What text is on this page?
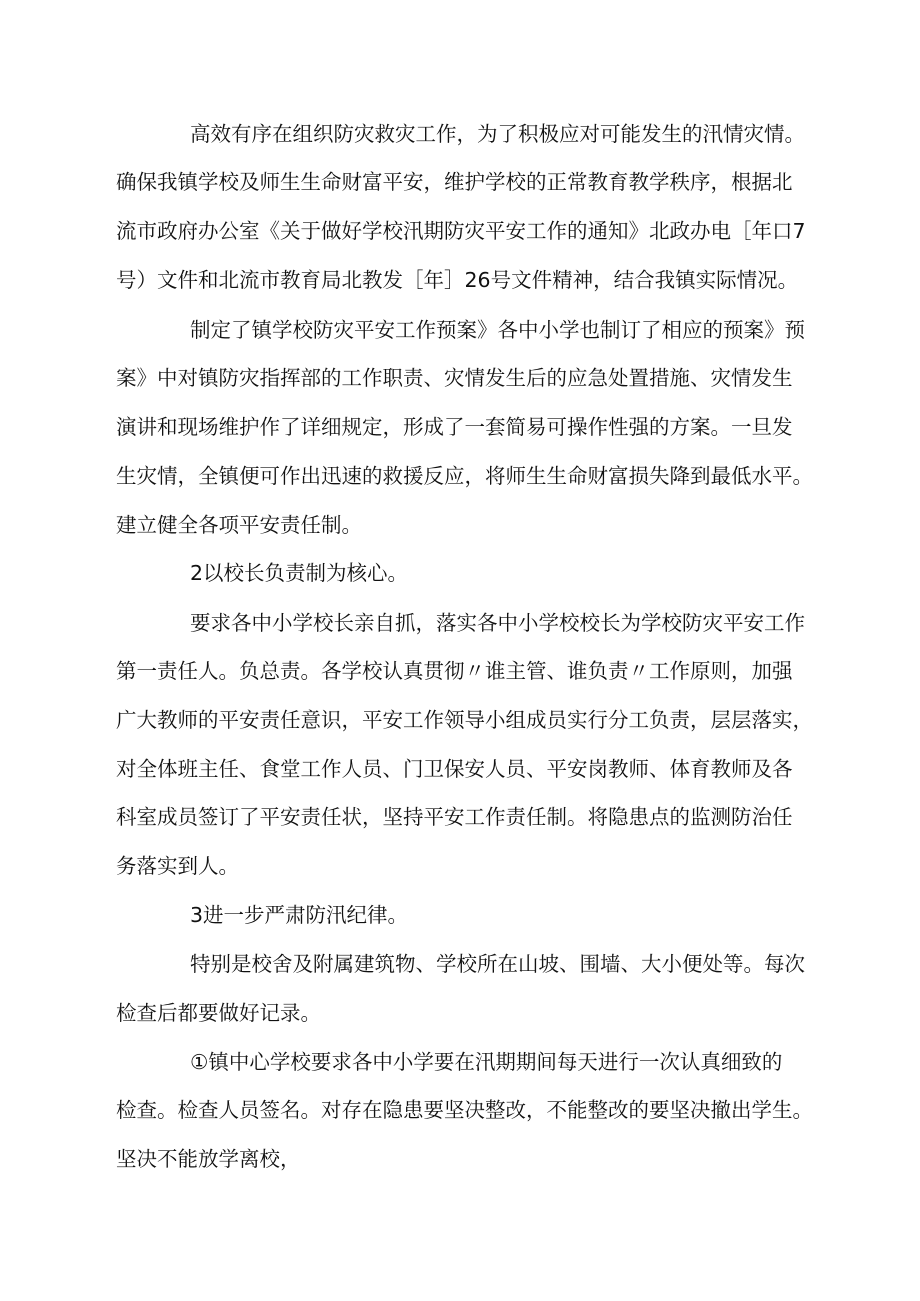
高效有序在组织防灾救灾工作，为了积极应对可能发生的汛情灾情。
确保我镇学校及师生生命财富平安，维护学校的正常教育教学秩序，根据北
流市政府办公室《关于做好学校汛期防灾平安工作的通知》北政办电［年口7
号）文件和北流市教育局北教发［年］26号文件精神，结合我镇实际情况。
制定了镇学校防灾平安工作预案》各中小学也制订了相应的预案》预
案》中对镇防灾指挥部的工作职责、灾情发生后的应急处置措施、灾情发生
演讲和现场维护作了详细规定，形成了一套简易可操作性强的方案。一旦发
生灾情，全镇便可作出迅速的救援反应，将师生生命财富损失降到最低水平。
建立健全各项平安责任制。
2以校长负责制为核心。
要求各中小学校长亲自抓，落实各中小学校校长为学校防灾平安工作
第一责任人。负总责。各学校认真贯彻〃谁主管、谁负责〃工作原则，加强
广大教师的平安责任意识，平安工作领导小组成员实行分工负责，层层落实，
对全体班主任、食堂工作人员、门卫保安人员、平安岗教师、体育教师及各
科室成员签订了平安责任状，坚持平安工作责任制。将隐患点的监测防治任
务落实到人。
3进一步严肃防汛纪律。
特别是校舍及附属建筑物、学校所在山坡、围墙、大小便处等。每次
检查后都要做好记录。
①镇中心学校要求各中小学要在汛期期间每天进行一次认真细致的
检查。检查人员签名。对存在隐患要坚决整改，不能整改的要坚决撤出学生。
坚决不能放学离校，
